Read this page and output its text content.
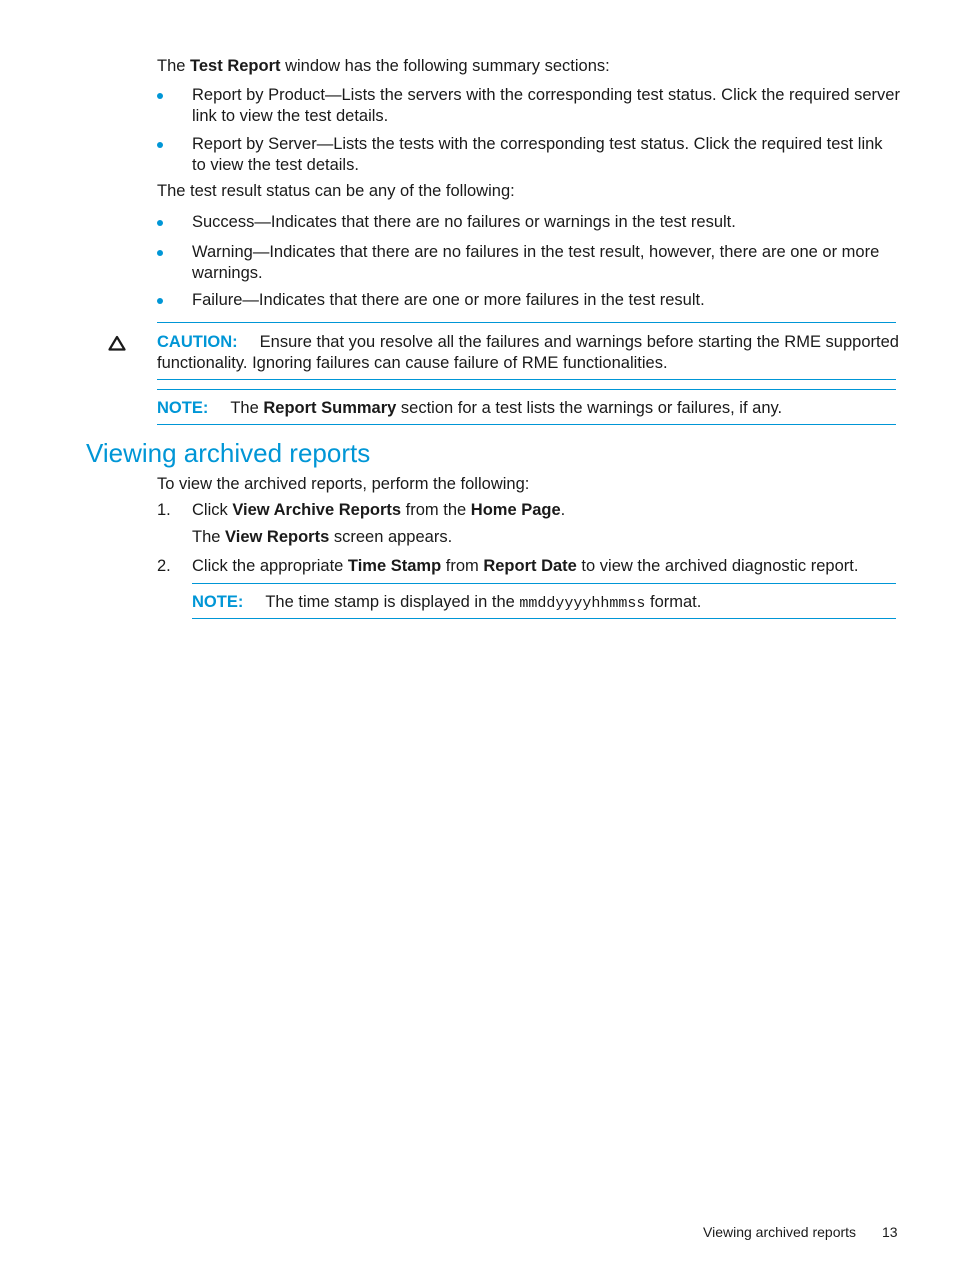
The Test Report window has the following summary sections:
Report by Product—Lists the servers with the corresponding test status. Click the required server
link to view the test details.
Report by Server—Lists the tests with the corresponding test status. Click the required test link
to view the test details.
The test result status can be any of the following:
Success—Indicates that there are no failures or warnings in the test result.
Warning—Indicates that there are no failures in the test result, however, there are one or more
warnings.
Failure—Indicates that there are one or more failures in the test result.
CAUTION: Ensure that you resolve all the failures and warnings before starting the RME supported
functionality. Ignoring failures can cause failure of RME functionalities.
NOTE: The Report Summary section for a test lists the warnings or failures, if any.
Viewing archived reports
To view the archived reports, perform the following:
1. Click View Archive Reports from the Home Page.
The View Reports screen appears.
2. Click the appropriate Time Stamp from Report Date to view the archived diagnostic report.
NOTE: The time stamp is displayed in the mmddyyyyhhmmss format.
Viewing archived reports 13
